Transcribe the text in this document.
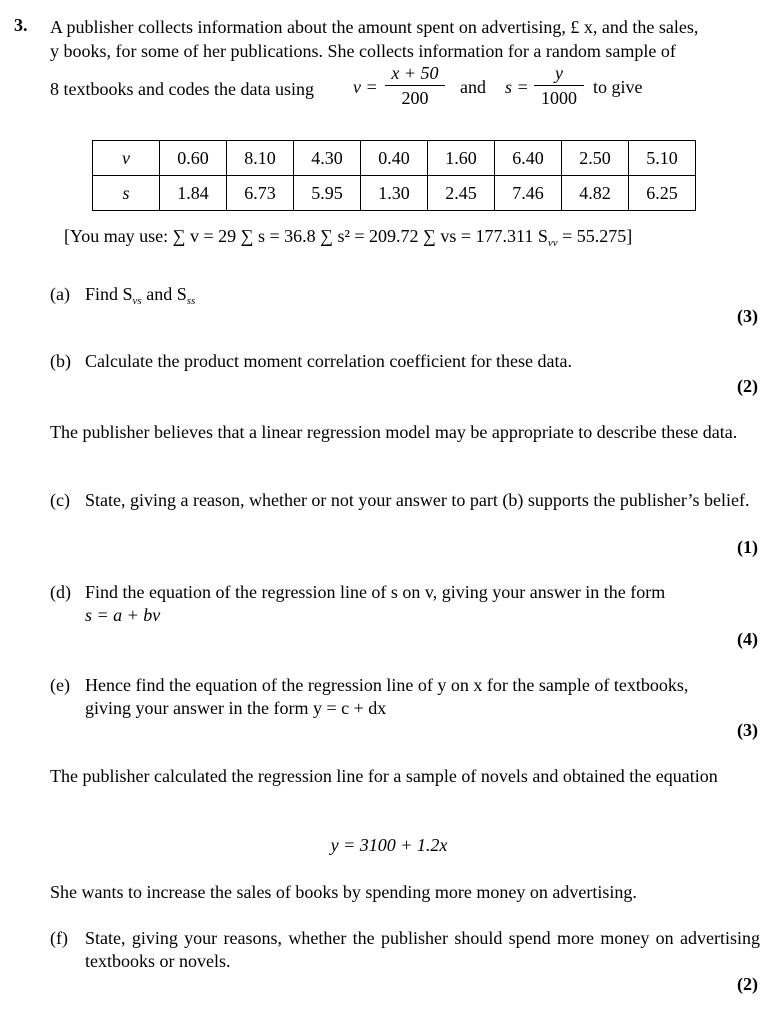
3. A publisher collects information about the amount spent on advertising, £ x, and the sales,
y books, for some of her publications. She collects information for a random sample of
8 textbooks and codes the data using v =
x + 50
200
and s =
y
1000
to give
v	0.60	8.10	4.30	0.40	1.60	6.40	2.50	5.10
s	1.84	6.73	5.95	1.30	2.45	7.46	4.82	6.25
[You may use: ∑ v = 29 ∑ s = 36.8 ∑ s² = 209.72 ∑ vs = 177.311 $S_{vv} = 55.275$]
(a) Find $S_{vs}$ and $S_{ss}$
(3)
(b) Calculate the product moment correlation coefficient for these data.
(2)
The publisher believes that a linear regression model may be appropriate to describe these data.
(c) State, giving a reason, whether or not your answer to part (b) supports the publisher’s belief.
(1)
(d) Find the equation of the regression line of s on v, giving your answer in the form
s = a + bv
(4)
(e) Hence find the equation of the regression line of y on x for the sample of textbooks,
giving your answer in the form y = c + dx
(3)
The publisher calculated the regression line for a sample of novels and obtained the equation
y = 3100 + 1.2x
She wants to increase the sales of books by spending more money on advertising.
(f) State, giving your reasons, whether the publisher should spend more money on advertising textbooks or novels.
(2)
